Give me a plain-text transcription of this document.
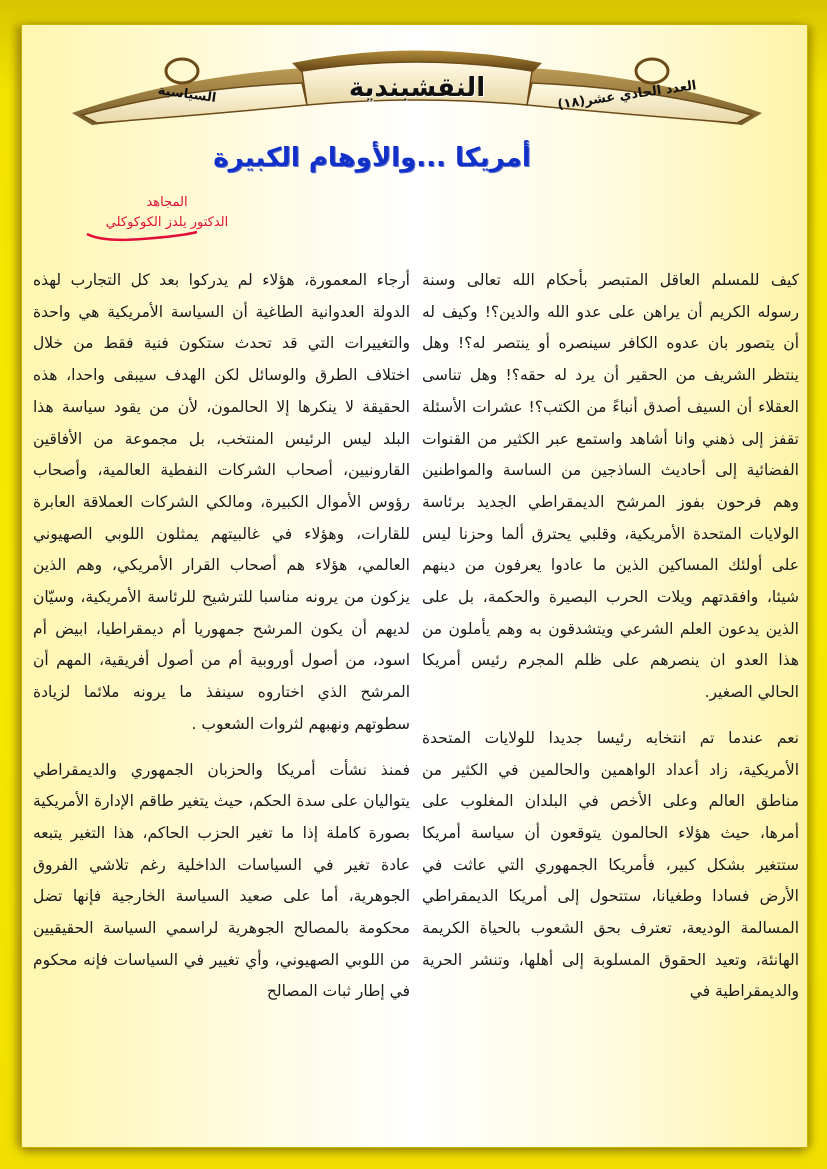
السياسية	النقشبندية
العدد الحادي عشر(١٨)
أمريكا ...والأوهام الكبيرة
المجاهد
الدكتور يلدز الكوكوكلي

كيف للمسلم العاقل المتبصر بأحكام الله تعالى وسنة رسوله الكريم أن يراهن على عدو الله والدين؟! وكيف له أن يتصور بان عدوه الكافر سينصره أو ينتصر له؟! وهل ينتظر الشريف من الحقير أن يرد له حقه؟! وهل تناسى العقلاء أن السيف أصدق أنباءً من الكتب؟! عشرات الأسئلة تقفز إلى ذهني وانا أشاهد واستمع عبر الكثير من القنوات الفضائية إلى أحاديث الساذجين من الساسة والمواطنين وهم فرحون بفوز المرشح الديمقراطي الجديد برئاسة الولايات المتحدة الأمريكية، وقلبي يحترق ألما وحزنا ليس على أولئك المساكين الذين ما عادوا يعرفون من دينهم شيئا، وافقدتهم ويلات الحرب البصيرة والحكمة، بل على الذين يدعون العلم الشرعي ويتشدقون به وهم يأملون من هذا العدو ان ينصرهم على ظلم المجرم رئيس أمريكا الحالي الصغير.

نعم عندما تم انتخابه رئيسا جديدا للولايات المتحدة الأمريكية، زاد أعداد الواهمين والحالمين في الكثير من مناطق العالم وعلى الأخص في البلدان المغلوب على أمرها، حيث هؤلاء الحالمون يتوقعون أن سياسة أمريكا ستتغير بشكل كبير، فأمريكا الجمهوري التي عاثت في الأرض فسادا وطغيانا، ستتحول إلى أمريكا الديمقراطي المسالمة الوديعة، تعترف بحق الشعوب بالحياة الكريمة الهانئة، وتعيد الحقوق المسلوبة إلى أهلها، وتنشر الحرية والديمقراطية في

أرجاء المعمورة، هؤلاء لم يدركوا بعد كل التجارب لهذه الدولة العدوانية الطاغية أن السياسة الأمريكية هي واحدة والتغييرات التي قد تحدث ستكون فنية فقط من خلال اختلاف الطرق والوسائل لكن الهدف سيبقى واحدا، هذه الحقيقة لا ينكرها إلا الحالمون، لأن من يقود سياسة هذا البلد ليس الرئيس المنتخب، بل مجموعة من الأفاقين القارونيين، أصحاب الشركات النفطية العالمية، وأصحاب رؤوس الأموال الكبيرة، ومالكي الشركات العملاقة العابرة للقارات، وهؤلاء في غالبيتهم يمثلون اللوبي الصهيوني العالمي، هؤلاء هم أصحاب القرار الأمريكي، وهم الذين يزكون من يرونه مناسبا للترشيح للرئاسة الأمريكية، وسيّان لديهم أن يكون المرشح جمهوريا أم ديمقراطيا، ابيض أم اسود، من أصول أوروبية أم من أصول أفريقية، المهم أن المرشح الذي اختاروه سينفذ ما يرونه ملائما لزيادة سطوتهم ونهبهم لثروات الشعوب .

فمنذ نشأت أمريكا والحزبان الجمهوري والديمقراطي يتواليان على سدة الحكم، حيث يتغير طاقم الإدارة الأمريكية بصورة كاملة إذا ما تغير الحزب الحاكم، هذا التغير يتبعه عادة تغير في السياسات الداخلية رغم تلاشي الفروق الجوهرية، أما على صعيد السياسة الخارجية فإنها تضل محكومة بالمصالح الجوهرية لراسمي السياسة الحقيقيين من اللوبي الصهيوني، وأي تغيير في السياسات فإنه محكوم في إطار ثبات المصالح
